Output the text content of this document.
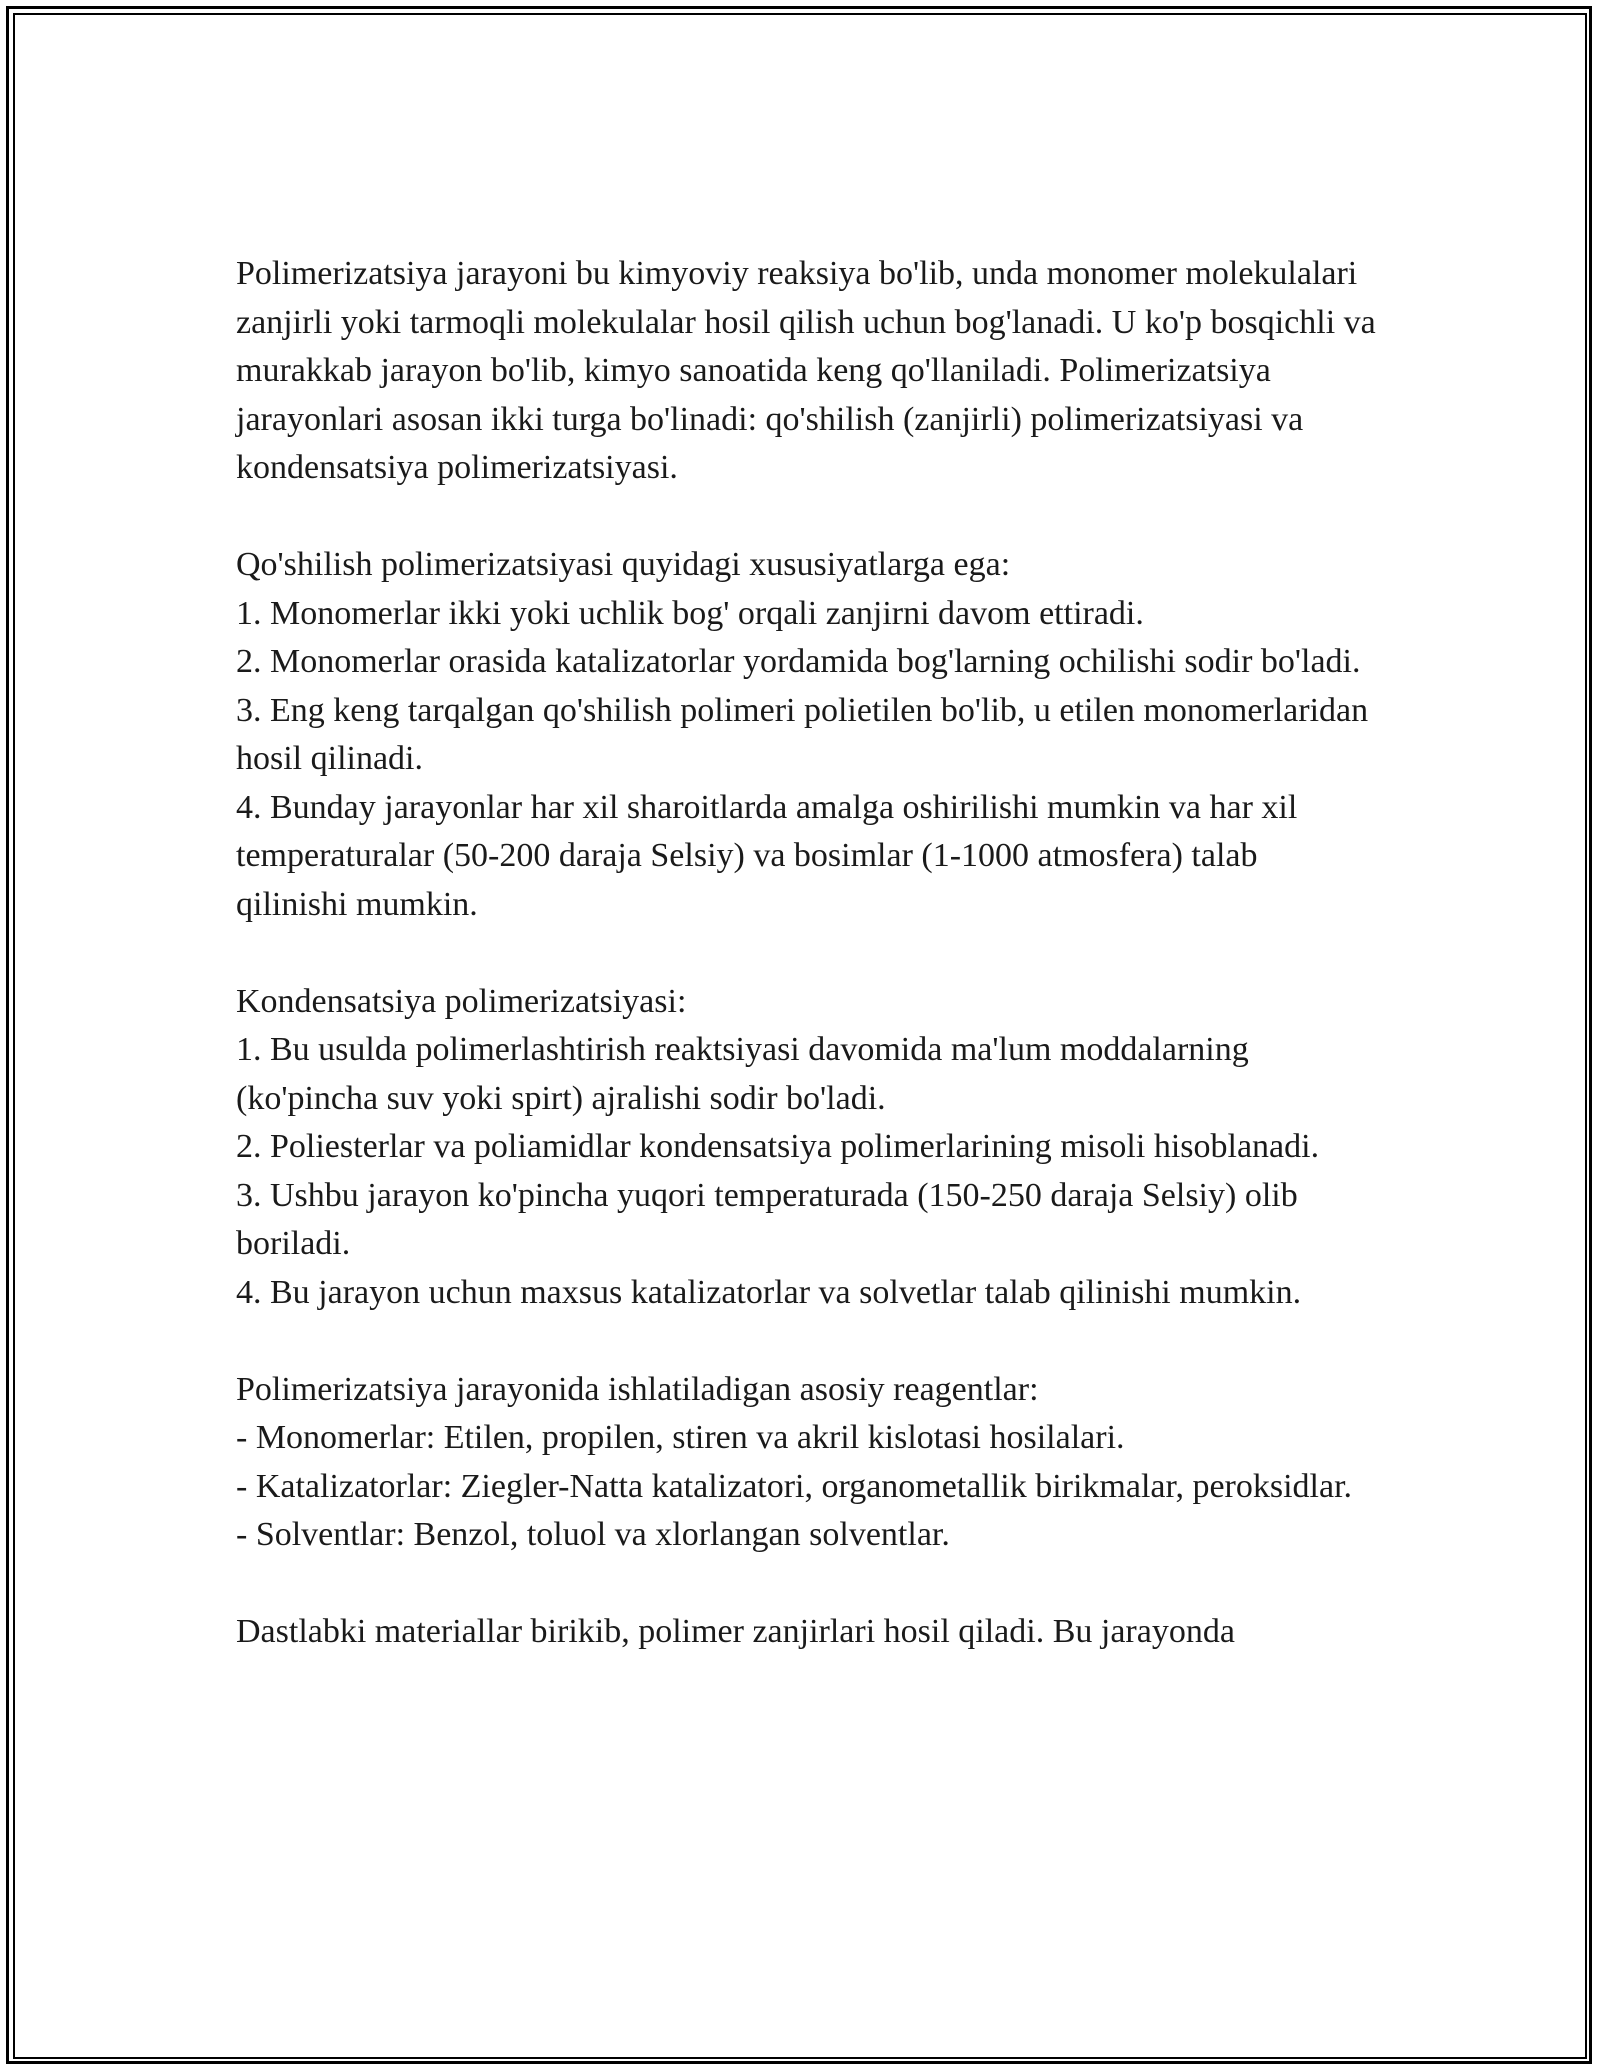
Polimerizatsiya jarayoni bu kimyoviy reaksiya bo'lib, unda monomer molekulalari zanjirli yoki tarmoqli molekulalar hosil qilish uchun bog'lanadi. U ko'p bosqichli va murakkab jarayon bo'lib, kimyo sanoatida keng qo'llaniladi. Polimerizatsiya jarayonlari asosan ikki turga bo'linadi: qo'shilish (zanjirli) polimerizatsiyasi va kondensatsiya polimerizatsiyasi.

Qo'shilish polimerizatsiyasi quyidagi xususiyatlarga ega:
1. Monomerlar ikki yoki uchlik bog' orqali zanjirni davom ettiradi.
2. Monomerlar orasida katalizatorlar yordamida bog'larning ochilishi sodir bo'ladi.
3. Eng keng tarqalgan qo'shilish polimeri polietilen bo'lib, u etilen monomerlaridan hosil qilinadi.
4. Bunday jarayonlar har xil sharoitlarda amalga oshirilishi mumkin va har xil temperaturalar (50-200 daraja Selsiy) va bosimlar (1-1000 atmosfera) talab qilinishi mumkin.
Kondensatsiya polimerizatsiyasi:
1. Bu usulda polimerlashtirish reaktsiyasi davomida ma'lum moddalarning (ko'pincha suv yoki spirt) ajralishi sodir bo'ladi.
2. Poliesterlar va poliamidlar kondensatsiya polimerlarining misoli hisoblanadi.
3. Ushbu jarayon ko'pincha yuqori temperaturada (150-250 daraja Selsiy) olib boriladi.
4. Bu jarayon uchun maxsus katalizatorlar va solvetlar talab qilinishi mumkin.
Polimerizatsiya jarayonida ishlatiladigan asosiy reagentlar:
- Monomerlar: Etilen, propilen, stiren va akril kislotasi hosilalari.
- Katalizatorlar: Ziegler-Natta katalizatori, organometallik birikmalar, peroksidlar.
- Solventlar: Benzol, toluol va xlorlangan solventlar.

Dastlabki materiallar birikib, polimer zanjirlari hosil qiladi. Bu jarayonda
